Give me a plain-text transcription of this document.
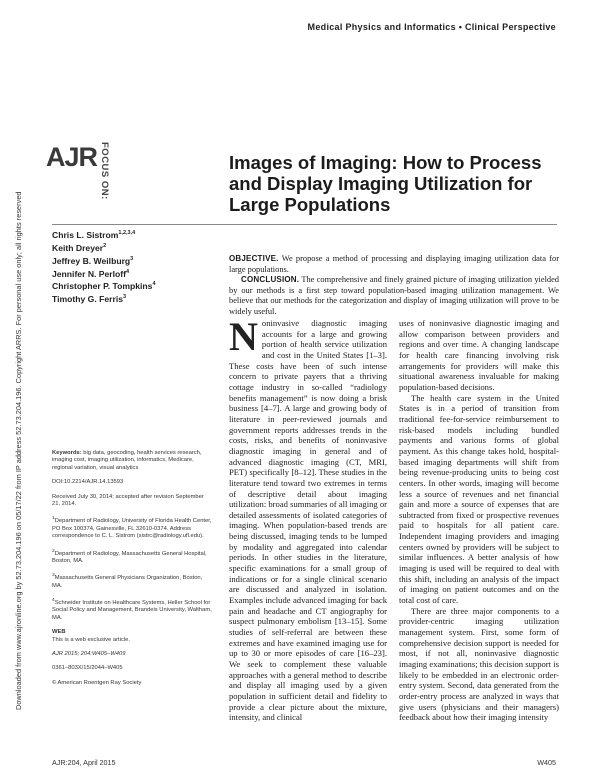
Downloaded from www.ajronline.org by 52.73.204.196 on 05/17/22 from IP address 52.73.204.196. Copyright ARRS. For personal use only; all rights reserved
Medical Physics and Informatics • Clinical Perspective
AJR FOCUS ON:	Images of Imaging: How to Process and Display Imaging Utilization for Large Populations
Chris L. Sistrom$^{1,2,3,4}$
Keith Dreyer$^2$
Jeffrey B. Weilburg$^3$
Jennifer N. Perloff$^4$
Christopher P. Tompkins$^4$
Timothy G. Ferris$^3$

OBJECTIVE. We propose a method of processing and displaying imaging utilization data for large populations.

CONCLUSION. The comprehensive and finely grained picture of imaging utilization yielded by our methods is a first step toward population-based imaging utilization management. We believe that our methods for the categorization and display of imaging utilization will prove to be widely useful.

Keywords: big data, geocoding, health services research, imaging cost, imaging utilization, informatics, Medicare, regional variation, visual analytics

DOI:10.2214/AJR.14.13593

Received July 30, 2014; accepted after revision September 21, 2014.

$^1$Department of Radiology, University of Florida Health Center, PO Box 100374, Gainesville, FL 32610-0374. Address correspondence to C. L. Sistrom (sistrc@radiology.ufl.edu).

$^2$Department of Radiology, Massachusetts General Hospital, Boston, MA.

$^3$Massachusetts General Physicians Organization, Boston, MA.

$^4$Schneider Institute on Healthcare Systems, Heller School for Social Policy and Management, Brandeis University, Waltham, MA.

WEB

This is a web exclusive article.

AJR 2015; 204:W405–W409

0361–803X/15/2044–W405

© American Roentgen Ray Society

Noninvasive diagnostic imaging accounts for a large and growing portion of health service utilization and cost in the United States [1–3]. These costs have been of such intense concern to private payers that a thriving cottage industry in so-called “radiology benefits management” is now doing a brisk business [4–7]. A large and growing body of literature in peer-reviewed journals and government reports addresses trends in the costs, risks, and benefits of noninvasive diagnostic imaging in general and of advanced diagnostic imaging (CT, MRI, PET) specifically [8–12]. These studies in the literature tend toward two extremes in terms of descriptive detail about imaging utilization: broad summaries of all imaging or detailed assessments of isolated categories of imaging. When population-based trends are being discussed, imaging tends to be lumped by modality and aggregated into calendar periods. In other studies in the literature, specific examinations for a small group of indications or for a single clinical scenario are discussed and analyzed in isolation. Examples include advanced imaging for back pain and headache and CT angiography for suspect pulmonary embolism [13–15]. Some studies of self-referral are between these extremes and have examined imaging use for up to 30 or more episodes of care [16–23]. We seek to complement these valuable approaches with a general method to describe and display all imaging used by a given population in sufficient detail and fidelity to provide a clear picture about the mixture, intensity, and clinical

uses of noninvasive diagnostic imaging and allow comparison between providers and regions and over time. A changing landscape for health care financing involving risk arrangements for providers will make this situational awareness invaluable for making population-based decisions.

The health care system in the United States is in a period of transition from traditional fee-for-service reimbursement to risk-based models including bundled payments and various forms of global payment. As this change takes hold, hospital-based imaging departments will shift from being revenue-producing units to being cost centers. In other words, imaging will become less a source of revenues and net financial gain and more a source of expenses that are subtracted from fixed or prospective revenues paid to hospitals for all patient care. Independent imaging providers and imaging centers owned by providers will be subject to similar influences. A better analysis of how imaging is used will be required to deal with this shift, including an analysis of the impact of imaging on patient outcomes and on the total cost of care.

There are three major components to a provider-centric imaging utilization management system. First, some form of comprehensive decision support is needed for most, if not all, noninvasive diagnostic imaging examinations; this decision support is likely to be embedded in an electronic order-entry system. Second, data generated from the order-entry process are analyzed in ways that give users (physicians and their managers) feedback about how their imaging intensity

AJR:204, April 2015	W405
